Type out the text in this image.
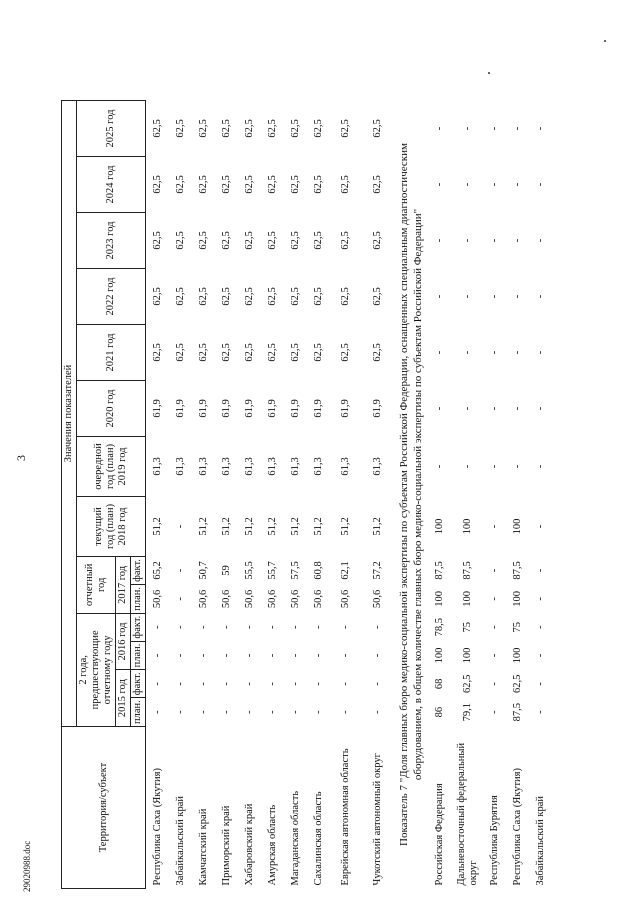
3
29020988.doc
Территория/субъект	Значения показателей													
	2 года, предшествующие отчетному году				отчетный год		текущий год (план) 2018 год	очередной год (план) 2019 год	2020 год	2021 год	2022 год	2023 год	2024 год	2025 год
	2015 год		2016 год		2017 год									
	план.	факт.	план.	факт.	план.	факт.								
Республика Саха (Якутия)	-	-	-	-	50,6	65,2	51,2	61,3	61,9	62,5	62,5	62,5	62,5	62,5
Забайкальский край	-	-	-	-	-	-	-	61,3	61,9	62,5	62,5	62,5	62,5	62,5
Камчатский край	-	-	-	-	50,6	50,7	51,2	61,3	61,9	62,5	62,5	62,5	62,5	62,5
Приморский край	-	-	-	-	50,6	59	51,2	61,3	61,9	62,5	62,5	62,5	62,5	62,5
Хабаровский край	-	-	-	-	50,6	55,5	51,2	61,3	61,9	62,5	62,5	62,5	62,5	62,5
Амурская область	-	-	-	-	50,6	55,7	51,2	61,3	61,9	62,5	62,5	62,5	62,5	62,5
Магаданская область	-	-	-	-	50,6	57,5	51,2	61,3	61,9	62,5	62,5	62,5	62,5	62,5
Сахалинская область	-	-	-	-	50,6	60,8	51,2	61,3	61,9	62,5	62,5	62,5	62,5	62,5
Еврейская автономная область	-	-	-	-	50,6	62,1	51,2	61,3	61,9	62,5	62,5	62,5	62,5	62,5
Чукотский автономный округ	-	-	-	-	50,6	57,2	51,2	61,3	61,9	62,5	62,5	62,5	62,5	62,5
Показатель 7 "Доля главных бюро медико-социальной экспертизы по субъектам Российской Федерации, оснащенных специальным диагностическим оборудованием, в общем количестве главных бюро медико-социальной экспертизы по субъектам Российской Федерации"														
Российская Федерация	86	68	100	78,5	100	87,5	100	-	-	-	-	-	-	-
Дальневосточный федеральный округ	79,1	62,5	100	75	100	87,5	100	-	-	-	-	-	-	-
Республика Бурятия	-	-	-	-	-	-	-	-	-	-	-	-	-	-
Республика Саха (Якутия)	87,5	62,5	100	75	100	87,5	100	-	-	-	-	-	-	-
Забайкальский край	-	-	-	-	-	-	-	-	-	-	-	-	-	-
